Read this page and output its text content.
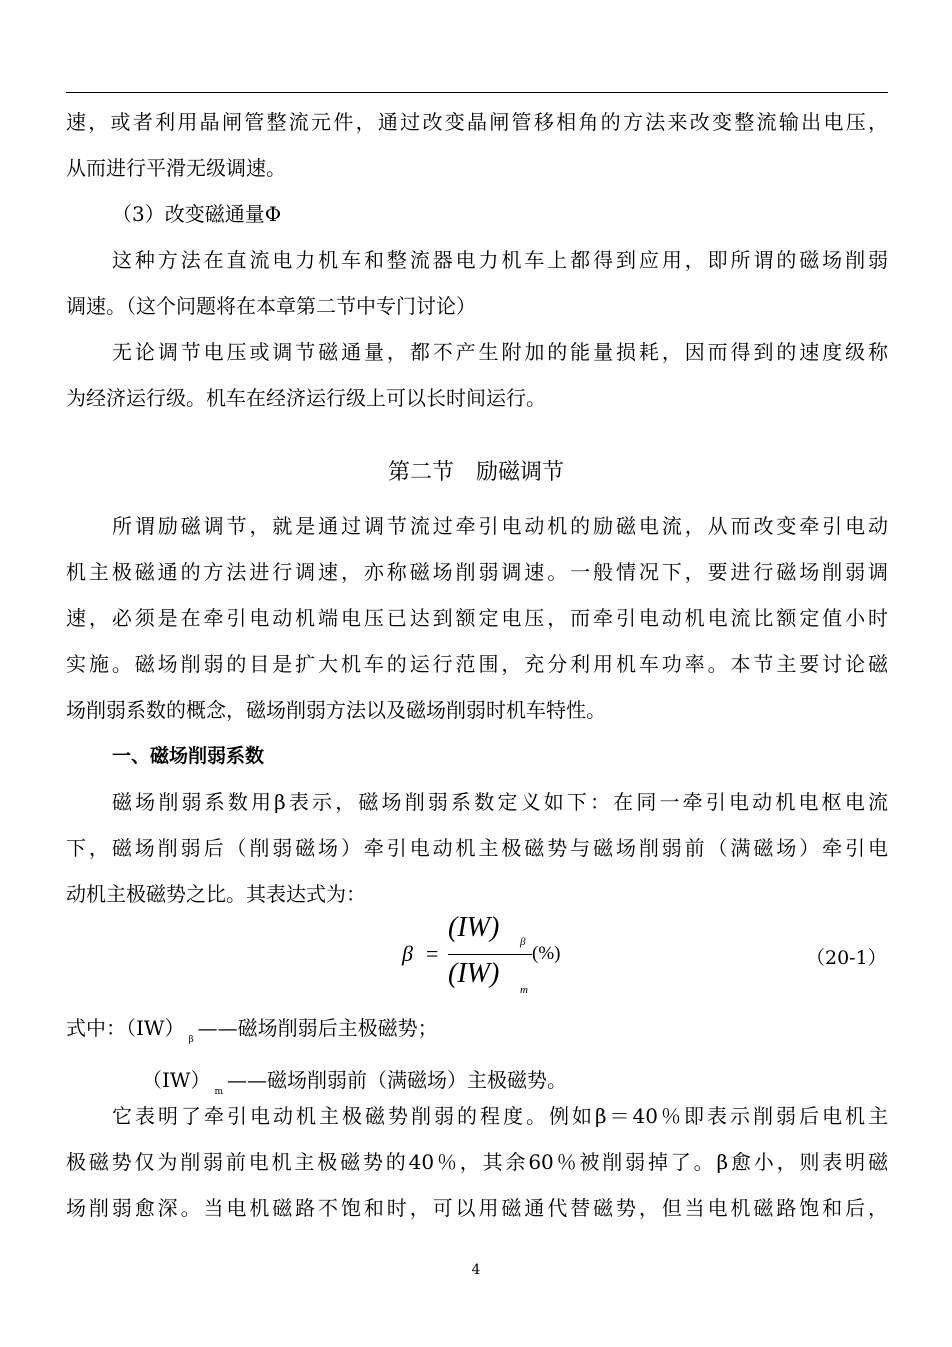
速，或者利用晶闸管整流元件，通过改变晶闸管移相角的方法来改变整流输出电压，
从而进行平滑无级调速。
（3）改变磁通量Φ
这种方法在直流电力机车和整流器电力机车上都得到应用，即所谓的磁场削弱
调速。（这个问题将在本章第二节中专门讨论）
无论调节电压或调节磁通量，都不产生附加的能量损耗，因而得到的速度级称
为经济运行级。机车在经济运行级上可以长时间运行。
第二节　励磁调节
所谓励磁调节，就是通过调节流过牵引电动机的励磁电流，从而改变牵引电动
机主极磁通的方法进行调速，亦称磁场削弱调速。一般情况下，要进行磁场削弱调
速，必须是在牵引电动机端电压已达到额定电压，而牵引电动机电流比额定值小时
实施。磁场削弱的目是扩大机车的运行范围，充分利用机车功率。本节主要讨论磁
场削弱系数的概念，磁场削弱方法以及磁场削弱时机车特性。
一、磁场削弱系数
磁场削弱系数用β表示，磁场削弱系数定义如下：在同一牵引电动机电枢电流
下，磁场削弱后（削弱磁场）牵引电动机主极磁势与磁场削弱前（满磁场）牵引电
动机主极磁势之比。其表达式为：
β =
(IW) β
(IW)
m
(%)	（20-1）
式中：（IW） $_\beta$ ——磁场削弱后主极磁势；
（IW） $_m$ ——磁场削弱前（满磁场）主极磁势。
它表明了牵引电动机主极磁势削弱的程度。例如β＝40％即表示削弱后电机主
极磁势仅为削弱前电机主极磁势的40％，其余60％被削弱掉了。β愈小，则表明磁
场削弱愈深。当电机磁路不饱和时，可以用磁通代替磁势，但当电机磁路饱和后，
4
